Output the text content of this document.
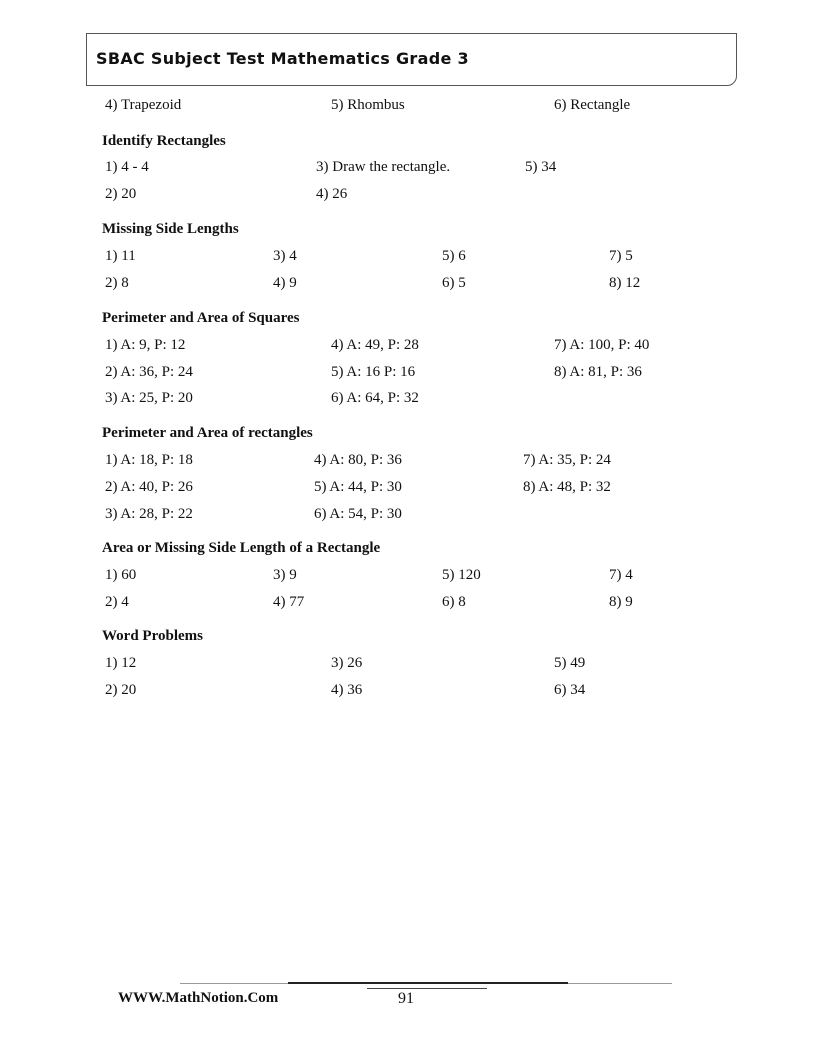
SBAC Subject Test Mathematics Grade 3
4) Trapezoid	5) Rhombus	6) Rectangle
Identify Rectangles
1) 4 - 4	3) Draw the rectangle.	5) 34
2) 20	4) 26
Missing Side Lengths
1) 11	3) 4	5) 6	7) 5
2) 8	4) 9	6) 5	8) 12
Perimeter and Area of Squares
1) A: 9, P: 12	4) A: 49, P: 28	7) A: 100, P: 40
2) A: 36, P: 24	5) A: 16 P: 16	8) A: 81, P: 36
3) A: 25, P: 20	6) A: 64, P: 32
Perimeter and Area of rectangles
1) A: 18, P: 18	4) A: 80, P: 36	7) A: 35, P: 24
2) A: 40, P: 26	5) A: 44, P: 30	8) A: 48, P: 32
3) A: 28, P: 22	6) A: 54, P: 30
Area or Missing Side Length of a Rectangle
1) 60	3) 9	5) 120	7) 4
2) 4	4) 77	6) 8	8) 9
Word Problems
1) 12	3) 26	5) 49
2) 20	4) 36	6) 34
WWW.MathNotion.Com	91
